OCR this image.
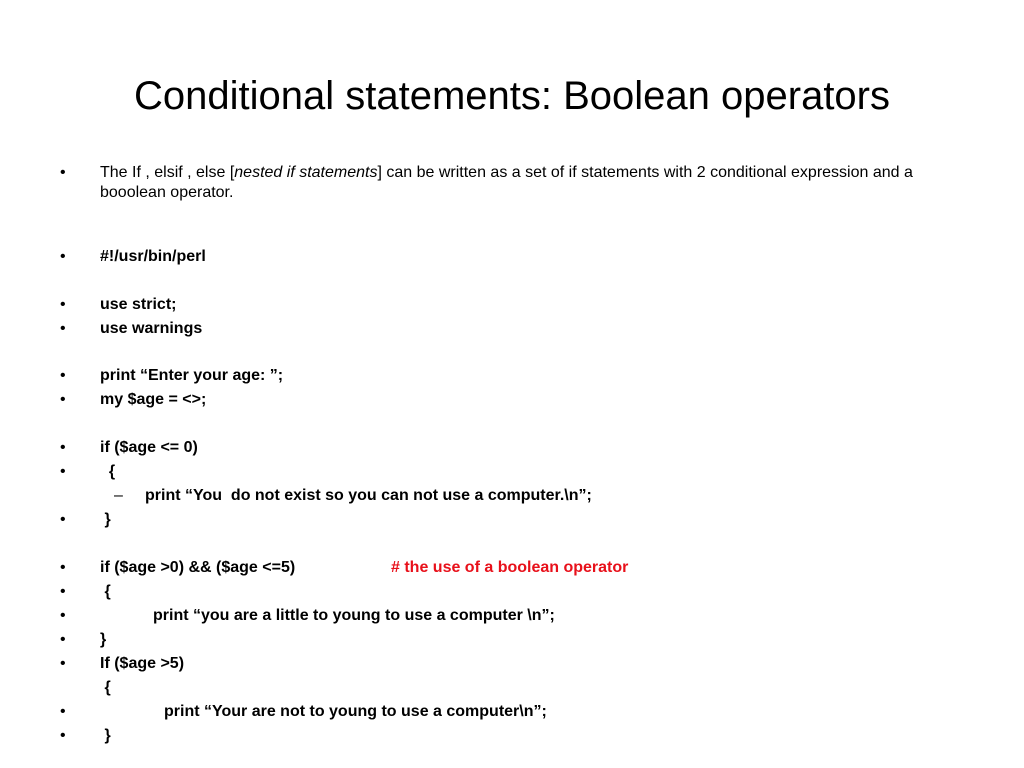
Conditional statements: Boolean operators
• The If , elsif , else [nested if statements] can be written as a set of if statements with 2 conditional expression and a booolean operator.
• #!/usr/bin/perl
• use strict;
• use warnings
• print “Enter your age: ”;
• my $age = <>;
• if ($age <= 0)
• {
– print “You  do not exist so you can not use a computer.\n”;
• }
• if ($age >0) && ($age <=5)	# the use of a boolean operator
• {
•	print “you are a little to young to use a computer \n”;
• }
• If ($age >5)
{
•	print “Your are not to young to use a computer\n”;
• }
